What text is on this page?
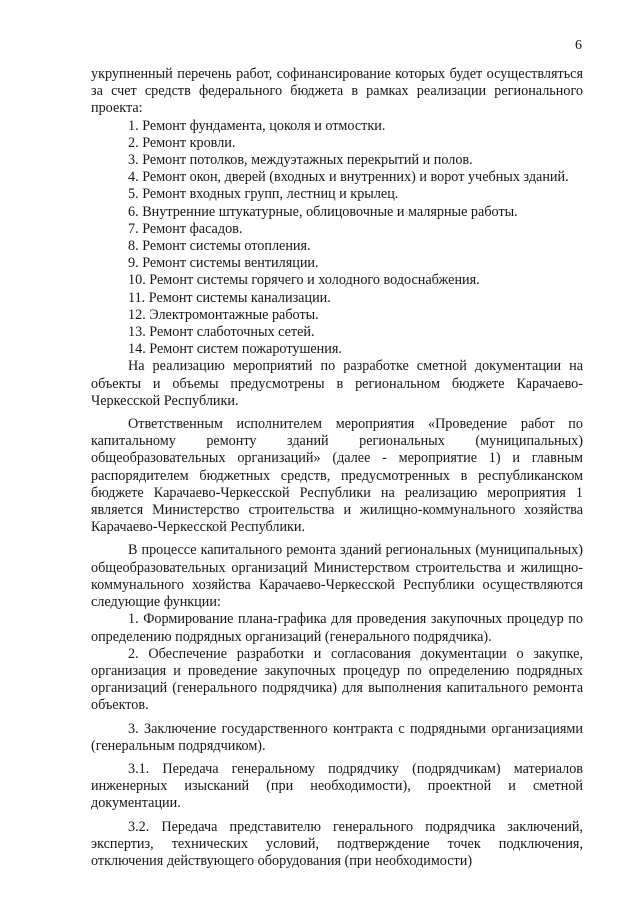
6

укрупненный перечень работ, софинансирование которых будет осуществляться за счет средств федерального бюджета в рамках реализации регионального проекта:

1. Ремонт фундамента, цоколя и отмостки.

2. Ремонт кровли.

3. Ремонт потолков, междуэтажных перекрытий и полов.

4. Ремонт окон, дверей (входных и внутренних) и ворот учебных зданий.

5. Ремонт входных групп, лестниц и крылец.

6. Внутренние штукатурные, облицовочные и малярные работы.

7. Ремонт фасадов.

8. Ремонт системы отопления.

9. Ремонт системы вентиляции.

10. Ремонт системы горячего и холодного водоснабжения.

11. Ремонт системы канализации.

12. Электромонтажные работы.

13. Ремонт слаботочных сетей.

14. Ремонт систем пожаротушения.

На реализацию мероприятий по разработке сметной документации на объекты и объемы предусмотрены в региональном бюджете Карачаево-Черкесской Республики.

Ответственным исполнителем мероприятия «Проведение работ по капитальному ремонту зданий региональных (муниципальных) общеобразовательных организаций» (далее - мероприятие 1) и главным распорядителем бюджетных средств, предусмотренных в республиканском бюджете Карачаево-Черкесской Республики на реализацию мероприятия 1 является Министерство строительства и жилищно-коммунального хозяйства Карачаево-Черкесской Республики.

В процессе капитального ремонта зданий региональных (муниципальных) общеобразовательных организаций Министерством строительства и жилищно-коммунального хозяйства Карачаево-Черкесской Республики осуществляются следующие функции:

1. Формирование плана-графика для проведения закупочных процедур по определению подрядных организаций (генерального подрядчика).

2. Обеспечение разработки и согласования документации о закупке, организация и проведение закупочных процедур по определению подрядных организаций (генерального подрядчика) для выполнения капитального ремонта объектов.

3. Заключение государственного контракта с подрядными организациями (генеральным подрядчиком).

3.1. Передача генеральному подрядчику (подрядчикам) материалов инженерных изысканий (при необходимости), проектной и сметной документации.

3.2. Передача представителю генерального подрядчика заключений, экспертиз, технических условий, подтверждение точек подключения, отключения действующего оборудования (при необходимости)
